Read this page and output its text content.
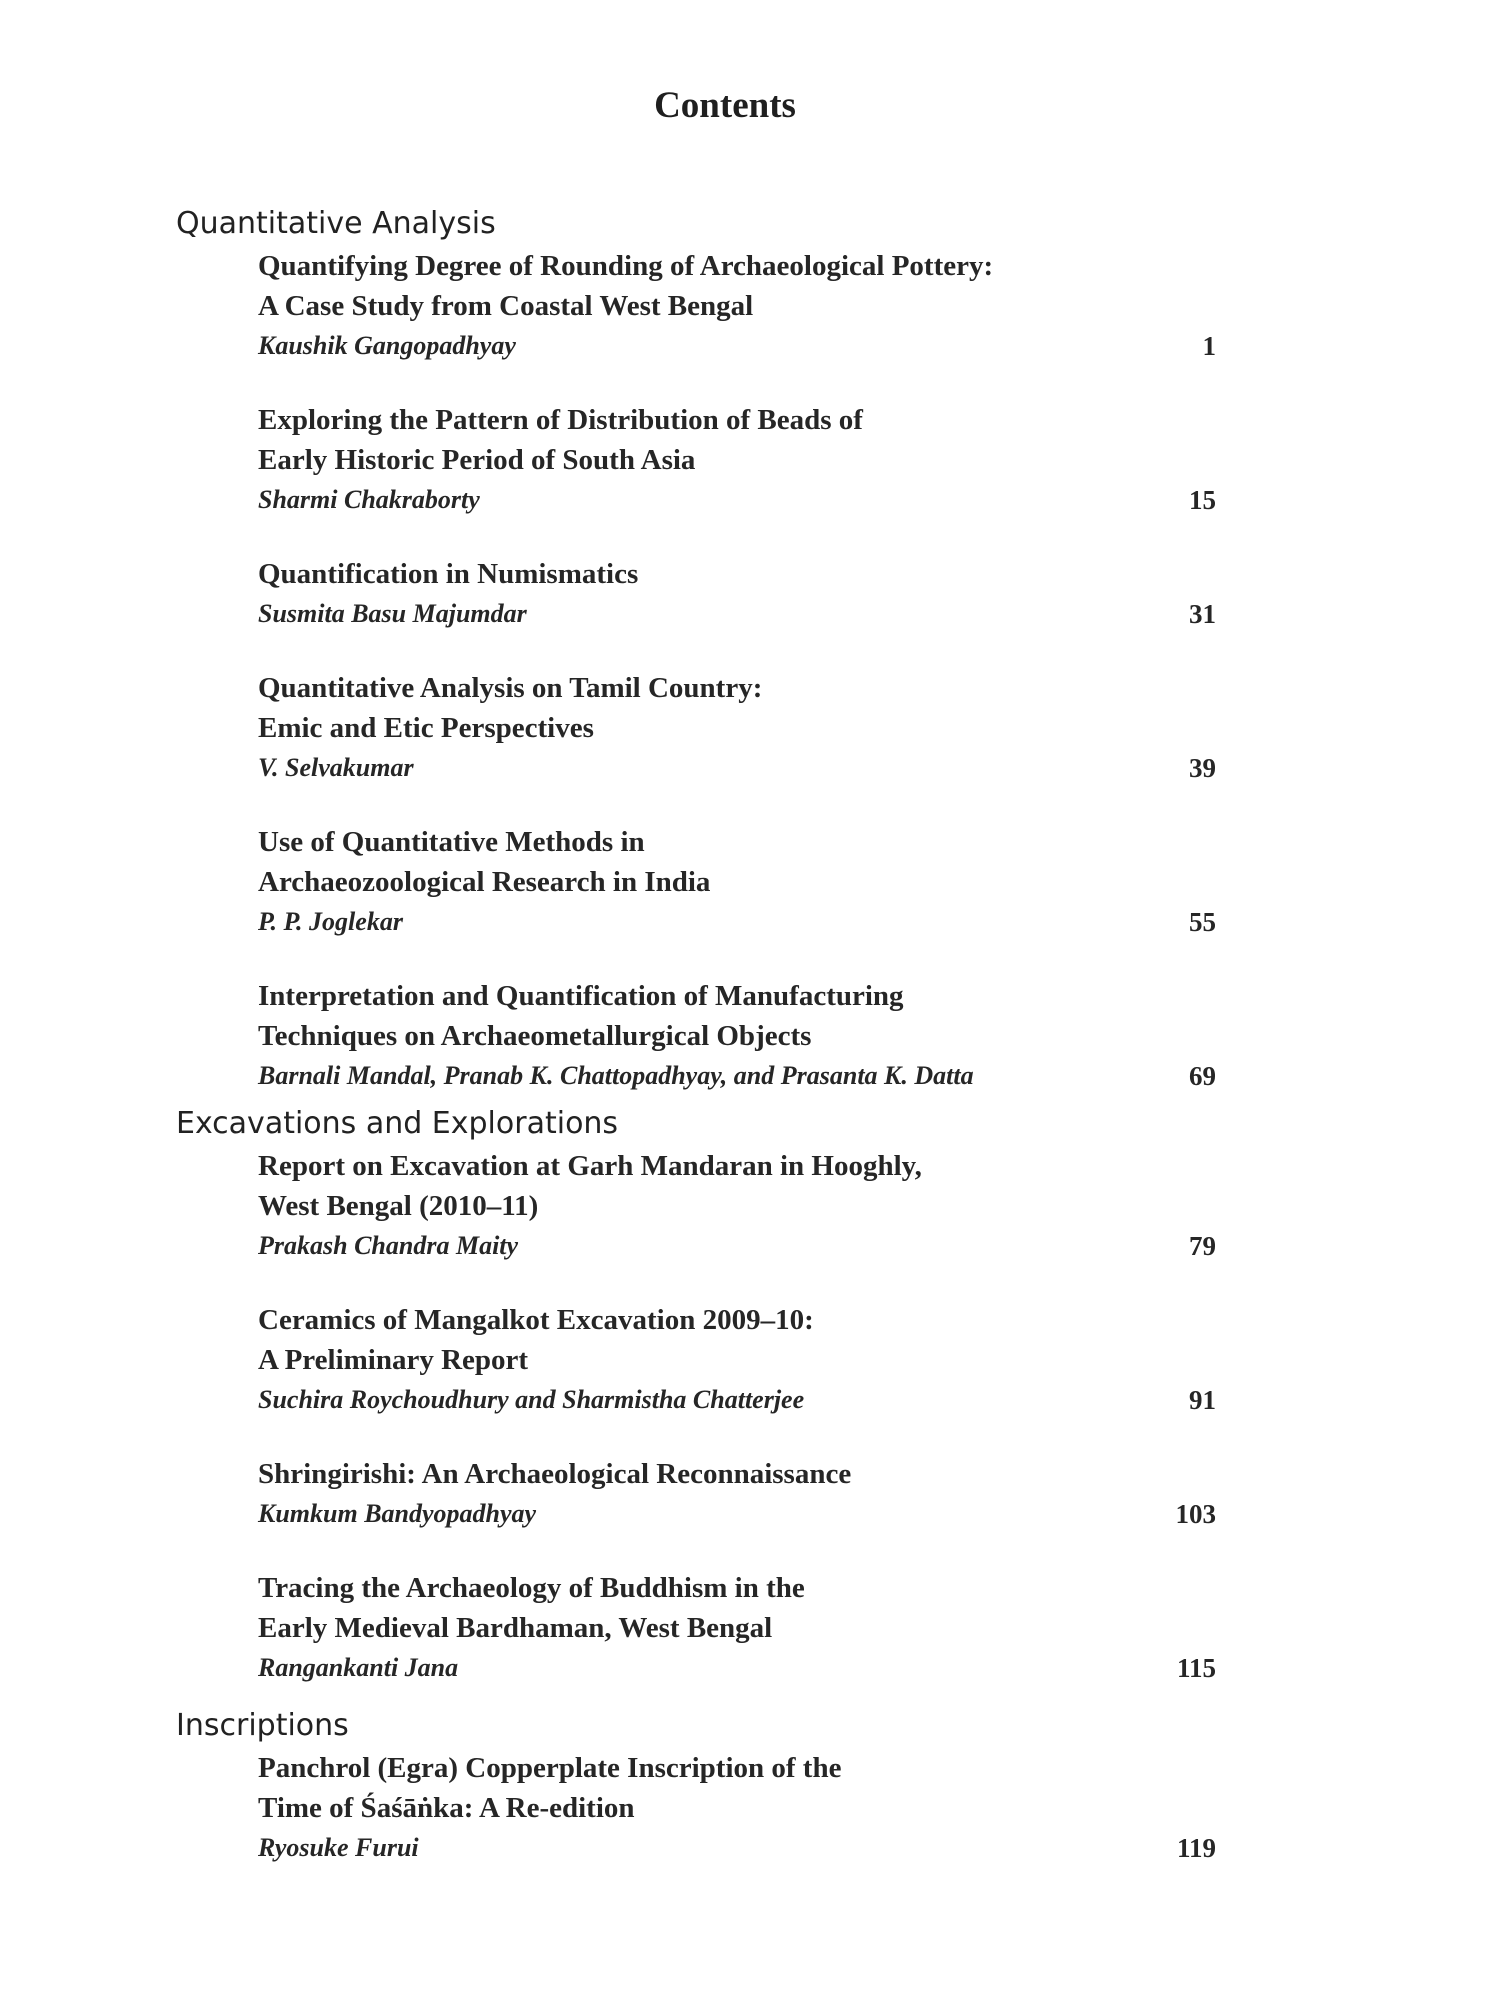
Contents
Quantitative Analysis
Quantifying Degree of Rounding of Archaeological Pottery:
A Case Study from Coastal West Bengal
Kaushik Gangopadhyay	1
Exploring the Pattern of Distribution of Beads of
Early Historic Period of South Asia
Sharmi Chakraborty	15
Quantification in Numismatics
Susmita Basu Majumdar	31
Quantitative Analysis on Tamil Country:
Emic and Etic Perspectives
V. Selvakumar	39
Use of Quantitative Methods in
Archaeozoological Research in India
P. P. Joglekar	55
Interpretation and Quantification of Manufacturing
Techniques on Archaeometallurgical Objects
Barnali Mandal, Pranab K. Chattopadhyay, and Prasanta K. Datta	69
Excavations and Explorations
Report on Excavation at Garh Mandaran in Hooghly,
West Bengal (2010–11)
Prakash Chandra Maity	79
Ceramics of Mangalkot Excavation 2009–10:
A Preliminary Report
Suchira Roychoudhury and Sharmistha Chatterjee	91
Shringirishi: An Archaeological Reconnaissance
Kumkum Bandyopadhyay	103
Tracing the Archaeology of Buddhism in the
Early Medieval Bardhaman, West Bengal
Rangankanti Jana	115
Inscriptions
Panchrol (Egra) Copperplate Inscription of the
Time of Śaśāṅka: A Re-edition
Ryosuke Furui	119
